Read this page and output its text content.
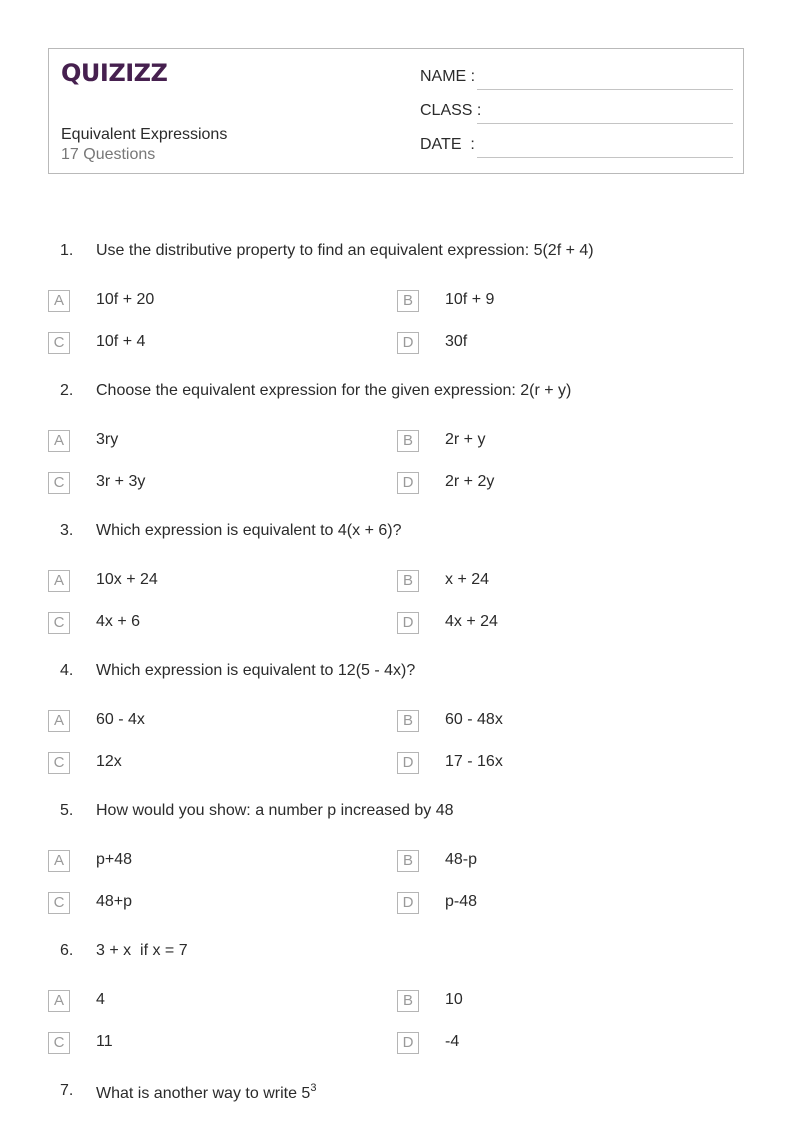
QUIZIZZ
Equivalent Expressions
17 Questions
NAME :
CLASS :
DATE  :
1. Use the distributive property to find an equivalent expression: 5(2f + 4)
A	10f + 20	B	10f + 9
C	10f + 4	D	30f
2. Choose the equivalent expression for the given expression: 2(r + y)
A	3ry	B	2r + y
C	3r + 3y	D	2r + 2y
3. Which expression is equivalent to 4(x + 6)?
A	10x + 24	B	x + 24
C	4x + 6	D	4x + 24
4. Which expression is equivalent to 12(5 - 4x)?
A	60 - 4x	B	60 - 48x
C	12x	D	17 - 16x
5. How would you show: a number p increased by 48
A	p+48	B	48-p
C	48+p	D	p-48
6. 3 + x  if x = 7
A	4	B	10
C	11	D	-4
7. What is another way to write $5^3$
